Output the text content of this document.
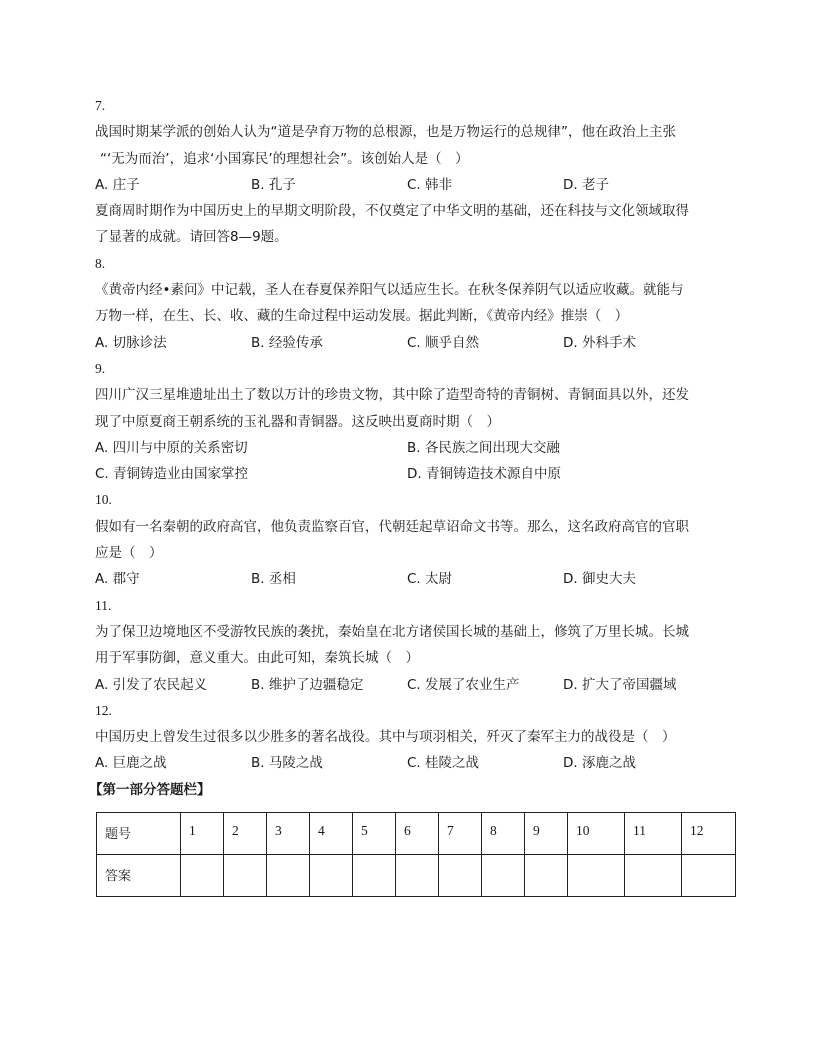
7.
战国时期某学派的创始人认为“道是孕育万物的总根源，也是万物运行的总规律”，他在政治上主张
“‘无为而治’，追求‘小国寡民’的理想社会”。该创始人是（　）
A. 庄子	B. 孔子	C. 韩非	D. 老子
夏商周时期作为中国历史上的早期文明阶段，不仅奠定了中华文明的基础，还在科技与文化领域取得
了显著的成就。请回答8—9题。
8.
《黄帝内经•素问》中记载，圣人在春夏保养阳气以适应生长。在秋冬保养阴气以适应收藏。就能与
万物一样，在生、长、收、藏的生命过程中运动发展。据此判断，《黄帝内经》推崇（　）
A. 切脉诊法	B. 经验传承	C. 顺乎自然	D. 外科手术
9.
四川广汉三星堆遗址出土了数以万计的珍贵文物，其中除了造型奇特的青铜树、青铜面具以外，还发
现了中原夏商王朝系统的玉礼器和青铜器。这反映出夏商时期（　）
A. 四川与中原的关系密切	B. 各民族之间出现大交融
C. 青铜铸造业由国家掌控	D. 青铜铸造技术源自中原
10.
假如有一名秦朝的政府高官，他负责监察百官，代朝廷起草诏命文书等。那么，这名政府高官的官职
应是（　）
A. 郡守	B. 丞相	C. 太尉	D. 御史大夫
11.
为了保卫边境地区不受游牧民族的袭扰，秦始皇在北方诸侯国长城的基础上，修筑了万里长城。长城
用于军事防御，意义重大。由此可知，秦筑长城（　）
A. 引发了农民起义	B. 维护了边疆稳定	C. 发展了农业生产	D. 扩大了帝国疆域
12.
中国历史上曾发生过很多以少胜多的著名战役。其中与项羽相关，歼灭了秦军主力的战役是（　）
A. 巨鹿之战	B. 马陵之战	C. 桂陵之战	D. 涿鹿之战
【第一部分答题栏】
题号	1	2	3	4	5	6	7	8	9	10	11	12
答案												
